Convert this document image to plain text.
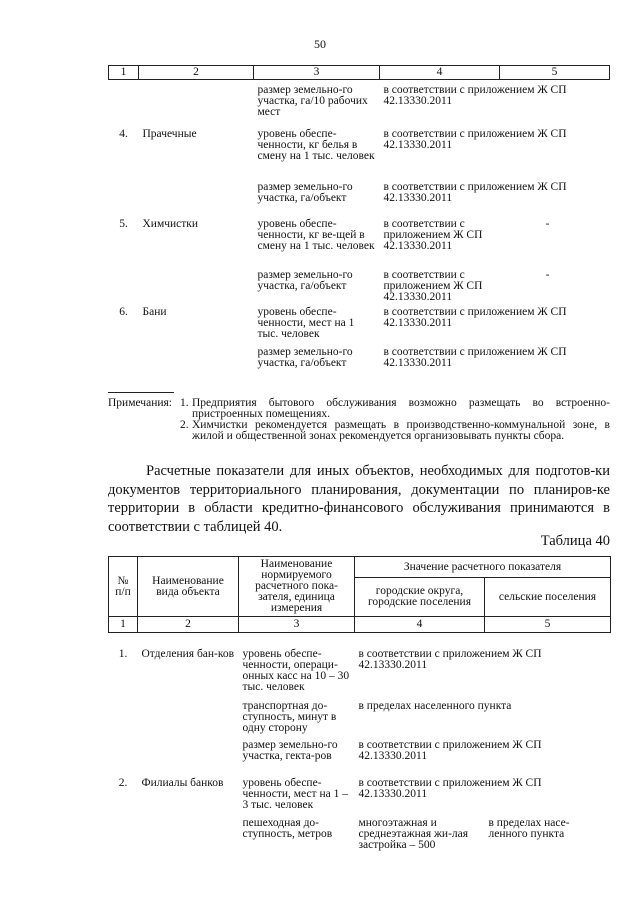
50
1	2	3	4	5

		размер земельно-го участка, га/10 рабочих мест	в соответствии с приложением Ж СП 42.13330.2011	
4.	Прачечные	уровень обеспе-ченности, кг белья в смену на 1 тыс. человек	в соответствии с приложением Ж СП 42.13330.2011	
		размер земельно-го участка, га/объект	в соответствии с приложением Ж СП 42.13330.2011	
5.	Химчистки	уровень обеспе-ченности, кг ве-щей в смену на 1 тыс. человек	в соответствии с приложением Ж СП 42.13330.2011	-
		размер земельно-го участка, га/объект	в соответствии с приложением Ж СП 42.13330.2011	-
6.	Бани	уровень обеспе-ченности, мест на 1 тыс. человек	в соответствии с приложением Ж СП 42.13330.2011	
		размер земельно-го участка, га/объект	в соответствии с приложением Ж СП 42.13330.2011	
Примечания: 1. Предприятия бытового обслуживания возможно размещать во встроенно-пристроенных помещениях.
2. Химчистки рекомендуется размещать в производственно-коммунальной зоне, в жилой и общественной зонах рекомендуется организовывать пункты сбора.
Расчетные показатели для иных объектов, необходимых для подготов-ки документов территориального планирования, документации по планиров-ке территории в области кредитно-финансового обслуживания принимаются в соответствии с таблицей 40.
Таблица 40
№ п/п	Наименование вида объекта	Наименование нормируемого расчетного пока-зателя, единица измерения	Значение расчетного показателя	
			городские округа, городские поселения	сельские поселения
1	2	3	4	5

1.	Отделения бан-ков	уровень обеспе-ченности, операци-онных касс на 10 – 30 тыс. человек	в соответствии с приложением Ж СП 42.13330.2011	
		транспортная до-ступность, минут в одну сторону	в пределах населенного пункта	
		размер земельно-го участка, гекта-ров	в соответствии с приложением Ж СП 42.13330.2011	
2.	Филиалы банков	уровень обеспе-ченности, мест на 1 – 3 тыс. человек	в соответствии с приложением Ж СП 42.13330.2011	
		пешеходная до-ступность, метров	многоэтажная и среднеэтажная жи-лая застройка – 500	в пределах насе-ленного пункта
